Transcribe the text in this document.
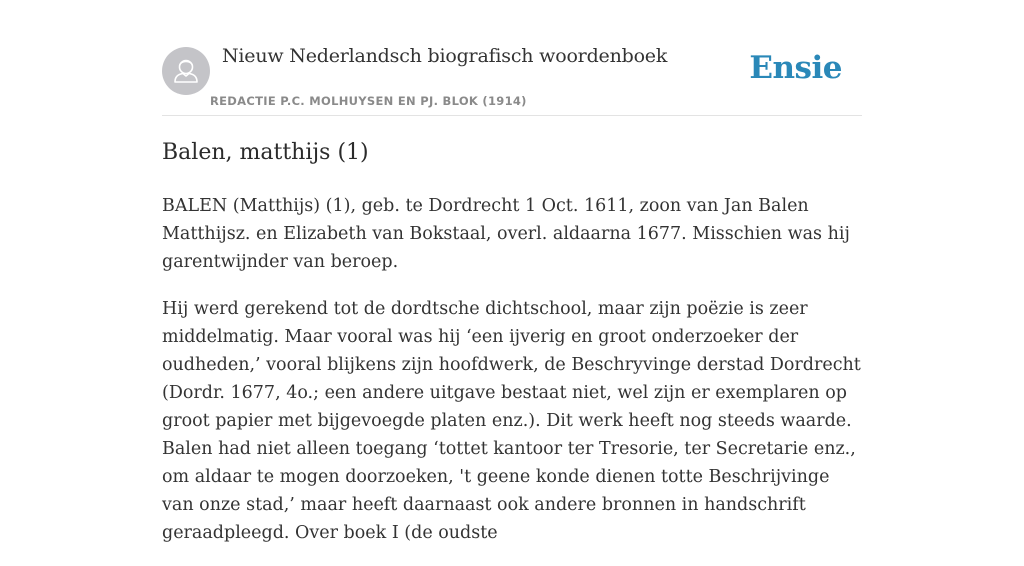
Nieuw Nederlandsch biografisch woordenboek
REDACTIE P.C. MOLHUYSEN EN PJ. BLOK (1914)
Ensie
Balen, matthijs (1)

BALEN (Matthijs) (1), geb. te Dordrecht 1 Oct. 1611, zoon van Jan Balen Matthijsz. en Elizabeth van Bokstaal, overl. aldaarna 1677. Misschien was hij garentwijnder van beroep.

Hij werd gerekend tot de dordtsche dichtschool, maar zijn poëzie is zeer middelmatig. Maar vooral was hij ‘een ijverig en groot onderzoeker der oudheden,’ vooral blijkens zijn hoofdwerk, de Beschryvinge derstad Dordrecht (Dordr. 1677, 4o.; een andere uitgave bestaat niet, wel zijn er exemplaren op groot papier met bijgevoegde platen enz.). Dit werk heeft nog steeds waarde. Balen had niet alleen toegang ‘tottet kantoor ter Tresorie, ter Secretarie enz., om aldaar te mogen doorzoeken, 't geene konde dienen totte Beschrijvinge van onze stad,’ maar heeft daarnaast ook andere bronnen in handschrift geraadpleegd. Over boek I (de oudste
